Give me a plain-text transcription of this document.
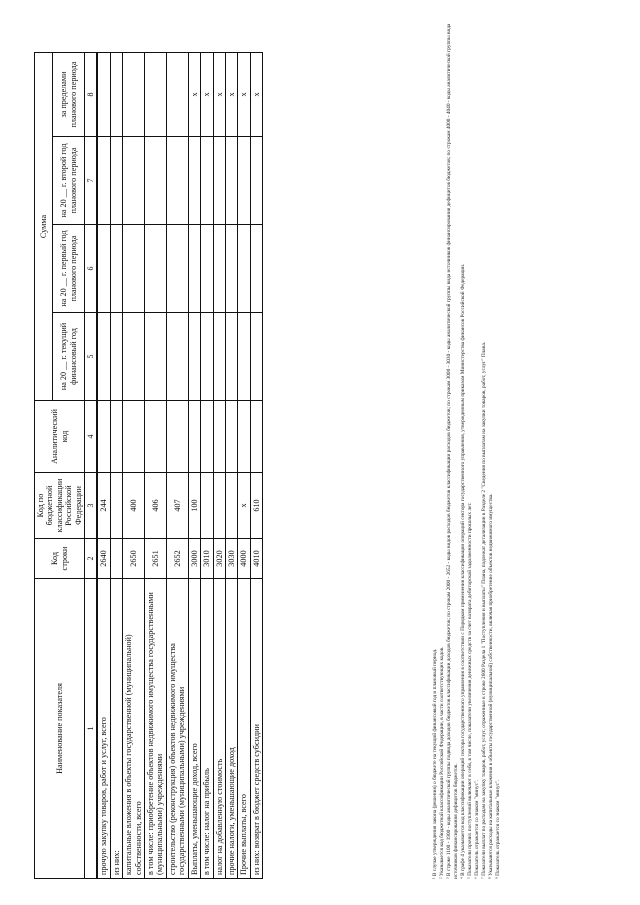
¹ В случае утверждения закона (решения) о бюджете на текущий финансовый год и плановый период.

² Указывается код бюджетной классификации Российской Федерации, в части соответствующих кодов.

³ В строке 1100 - 1900 - коды аналитической группы подвида доходов бюджетов классификации доходов бюджетов; по строкам 2000 - 2652 - коды видов расходов бюджетов классификации расходов бюджетов; по строкам 3000 - 3030 - коды аналитической группы вида источников финансирования дефицитов бюджетов; по строкам 4000 - 4040 - коды аналитической группы вида источников финансирования дефицитов бюджетов. ⁴ В графе 4 указывается код классификации операций сектора государственного управления в соответствии с Порядком применения классификации операций сектора государственного управления, утвержденным приказом Министерства финансов Российской Федерации.

⁵ Показатели прочих поступлений включают в себя, в том числе, показатели увеличения денежных средств за счет возврата дебиторской задолженности прошлых лет.

⁶ Показатель отражается со знаком "минус".

⁷ Показатели выплат по расходам на закупку товаров, работ, услуг, отраженные в строке 2600 Раздела 1 "Поступления и выплаты" Плана, подлежат детализации в Разделе 2 "Сведения по выплатам на закупки товаров, работ, услуг" Плана.

⁸ Указываются расходы на капитальные вложения в объекты государственной (муниципальной) собственности, включая приобретение объектов недвижимого имущества.

⁹ Показатель отражается со знаком "минус".

Наименование показателя	Код строки	Код по бюджетной классификации Российской Федерации	Аналитический код	Сумма			
				на 20 __ г. текущий финансовый год	на 20 __ г. первый год планового периода	на 20 __ г. второй год планового периода	за пределами планового периода
1	2	3	4	5	6	7	8
прочую закупку товаров, работ и услуг, всего	2640	244					
из них:							
капитальные вложения в объекты государственной (муниципальной) собственности, всего	2650	400					
в том числе: приобретение объектов недвижимого имущества государственными (муниципальными) учреждениями	2651	406					
строительство (реконструкция) объектов недвижимого имущества государственными (муниципальными) учреждениями	2652	407					
Выплаты, уменьшающие доход, всего	3000	100					x
в том числе: налог на прибыль	3010						x
налог на добавленную стоимость	3020						x
прочие налоги, уменьшающие доход	3030						x
Прочие выплаты, всего	4000	x					x
из них: возврат в бюджет средств субсидии	4010	610					x
